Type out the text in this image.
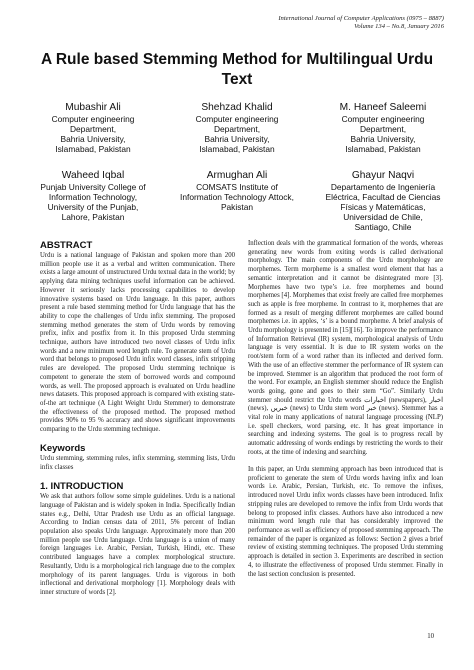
International Journal of Computer Applications (0975 – 8887)
Volume 134 – No.8, January 2016
A Rule based Stemming Method for Multilingual Urdu
Text
Mubashir Ali
Computer engineering
Department,
Bahria University,
Islamabad, Pakistan
Shehzad Khalid
Computer engineering
Department,
Bahria University,
Islamabad, Pakistan
M. Haneef Saleemi
Computer engineering
Department,
Bahria University,
Islamabad, Pakistan
Waheed Iqbal
Punjab University College of
Information Technology,
University of the Punjab,
Lahore, Pakistan
Armughan Ali
COMSATS Institute of
Information Technology Attock,
Pakistan
Ghayur Naqvi
Departamento de Ingeniería
Eléctrica, Facultad de Ciencias
Físicas y Matemáticas,
Universidad de Chile,
Santiago, Chile
ABSTRACT

Urdu is a national language of Pakistan and spoken more than 200 million people use it as a verbal and written communication. There exists a large amount of unstructured Urdu textual data in the world; by applying data mining techniques useful information can be achieved. However it seriously lacks processing capabilities to develop innovative systems based on Urdu language. In this paper, authors present a rule based stemming method for Urdu language that has the ability to cope the challenges of Urdu infix stemming. The proposed stemming method generates the stem of Urdu words by removing prefix, infix and postfix from it. In this proposed Urdu stemming technique, authors have introduced two novel classes of Urdu infix words and a new minimum word length rule. To generate stem of Urdu word that belongs to proposed Urdu infix word classes, infix stripping rules are developed. The proposed Urdu stemming technique is competent to generate the stem of borrowed words and compound words, as well. The proposed approach is evaluated on Urdu headline news datasets. This proposed approach is compared with existing state-of-the art technique (A Light Weight Urdu Stemmer) to demonstrate the effectiveness of the proposed method. The proposed method provides 90% to 95 % accuracy and shows significant improvements comparing to the Urdu stemming technique.

Keywords

Urdu stemming, stemming rules, infix stemming, stemming lists, Urdu infix classes

1. INTRODUCTION

We ask that authors follow some simple guidelines. Urdu is a national language of Pakistan and is widely spoken in India. Specifically Indian states e.g., Delhi, Uttar Pradesh use Urdu as an official language. According to Indian census data of 2011, 5% percent of Indian population also speaks Urdu language. Approximately more than 200 million people use Urdu language. Urdu language is a union of many foreign languages i.e. Arabic, Persian, Turkish, Hindi, etc. These contributed languages have a complex morphological structure. Resultantly, Urdu is a morphological rich language due to the complex morphology of its parent languages. Urdu is vigorous in both inflectional and derivational morphology [1]. Morphology deals with inner structure of words [2].

Inflection deals with the grammatical formation of the words, whereas generating new words from exiting words is called derivational morphology. The main components of the Urdu morphology are morphemes. Term morpheme is a smallest word element that has a semantic interpretation and it cannot be disintegrated more [3]. Morphemes have two type’s i.e. free morphemes and bound morphemes [4]. Morphemes that exist freely are called free morphemes such as apple is free morpheme. In contrast to it, morphemes that are formed as a result of merging different morphemes are called bound morphemes i.e. in apples, ‘s’ is a bound morpheme. A brief analysis of Urdu morphology is presented in [15][16]. To improve the performance of Information Retrieval (IR) system, morphological analysis of Urdu language is very essential. It is due to IR system works on the root/stem form of a word rather than its inflected and derived form. With the use of an effective stemmer the performance of IR system can be improved. Stemmer is an algorithm that produced the root form of the word. For example, an English stemmer should reduce the English words going, gone and goes to their stem “Go”. Similarly Urdu stemmer should restrict the Urdu words اخبارات (newspapers), اخبار (news), خبریں (news) to Urdu stem word خبر (news). Stemmer has a vital role in many applications of natural language processing (NLP) i.e. spell checkers, word parsing, etc. It has great importance in searching and indexing systems. The goal is to progress recall by automatic addressing of words endings by restricting the words to their roots, at the time of indexing and searching.

In this paper, an Urdu stemming approach has been introduced that is proficient to generate the stem of Urdu words having infix and loan words i.e. Arabic, Persian, Turkish, etc. To remove the infixes, introduced novel Urdu infix words classes have been introduced. Infix stripping rules are developed to remove the infix from Urdu words that belong to proposed infix classes. Authors have also introduced a new minimum word length rule that has considerably improved the performance as well as efficiency of proposed stemming approach. The remainder of the paper is organized as follows: Section 2 gives a brief review of existing stemming techniques. The proposed Urdu stemming approach is detailed in section 3. Experiments are described in section 4, to illustrate the effectiveness of proposed Urdu stemmer. Finally in the last section conclusion is presented.

10
